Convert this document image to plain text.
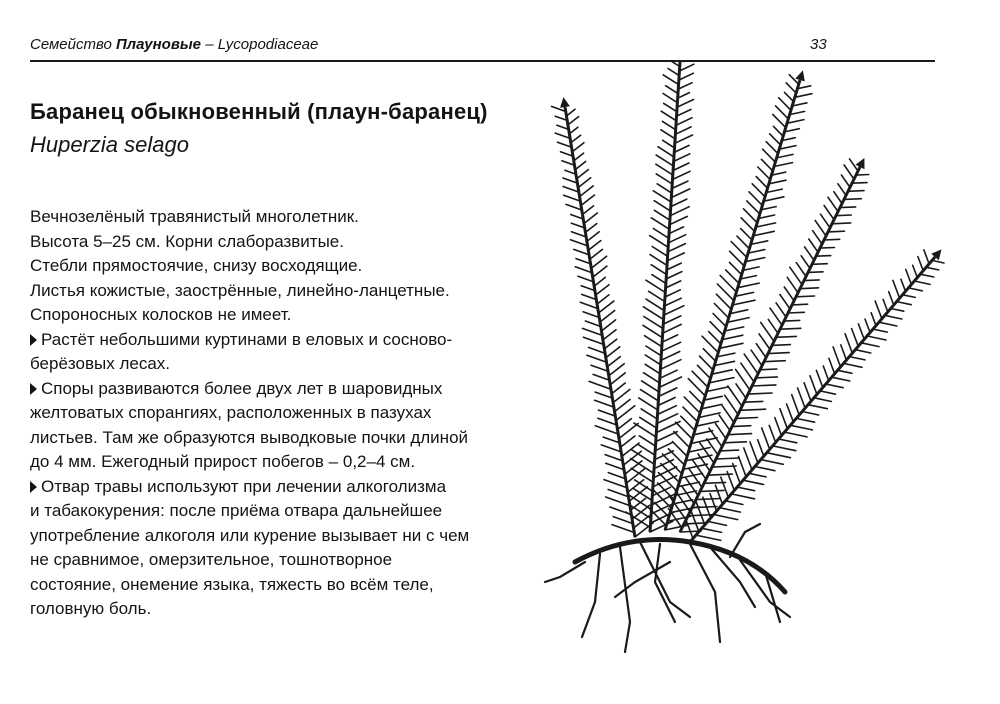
Семейство Плауновые – Lycopodiaceae	33
Баранец обыкновенный (плаун-баранец)
Huperzia selago
Вечнозелёный травянистый многолетник.
Высота 5–25 см. Корни слаборазвитые.
Стебли прямостоячие, снизу восходящие.
Листья кожистые, заострённые, линейно-ланцетные.
Спороносных колосков не имеет.
Растёт небольшими куртинами в еловых и сосново-
берёзовых лесах.
Споры развиваются более двух лет в шаровидных
желтоватых спорангиях, расположенных в пазухах
листьев. Там же образуются выводковые почки длиной
до 4 мм. Ежегодный прирост побегов – 0,2–4 см.
Отвар травы используют при лечении алкоголизма
и табакокурения: после приёма отвара дальнейшее
употребление алкоголя или курение вызывает ни с чем
не сравнимое, омерзительное, тошнотворное
состояние, онемение языка, тяжесть во всём теле,
головную боль.
